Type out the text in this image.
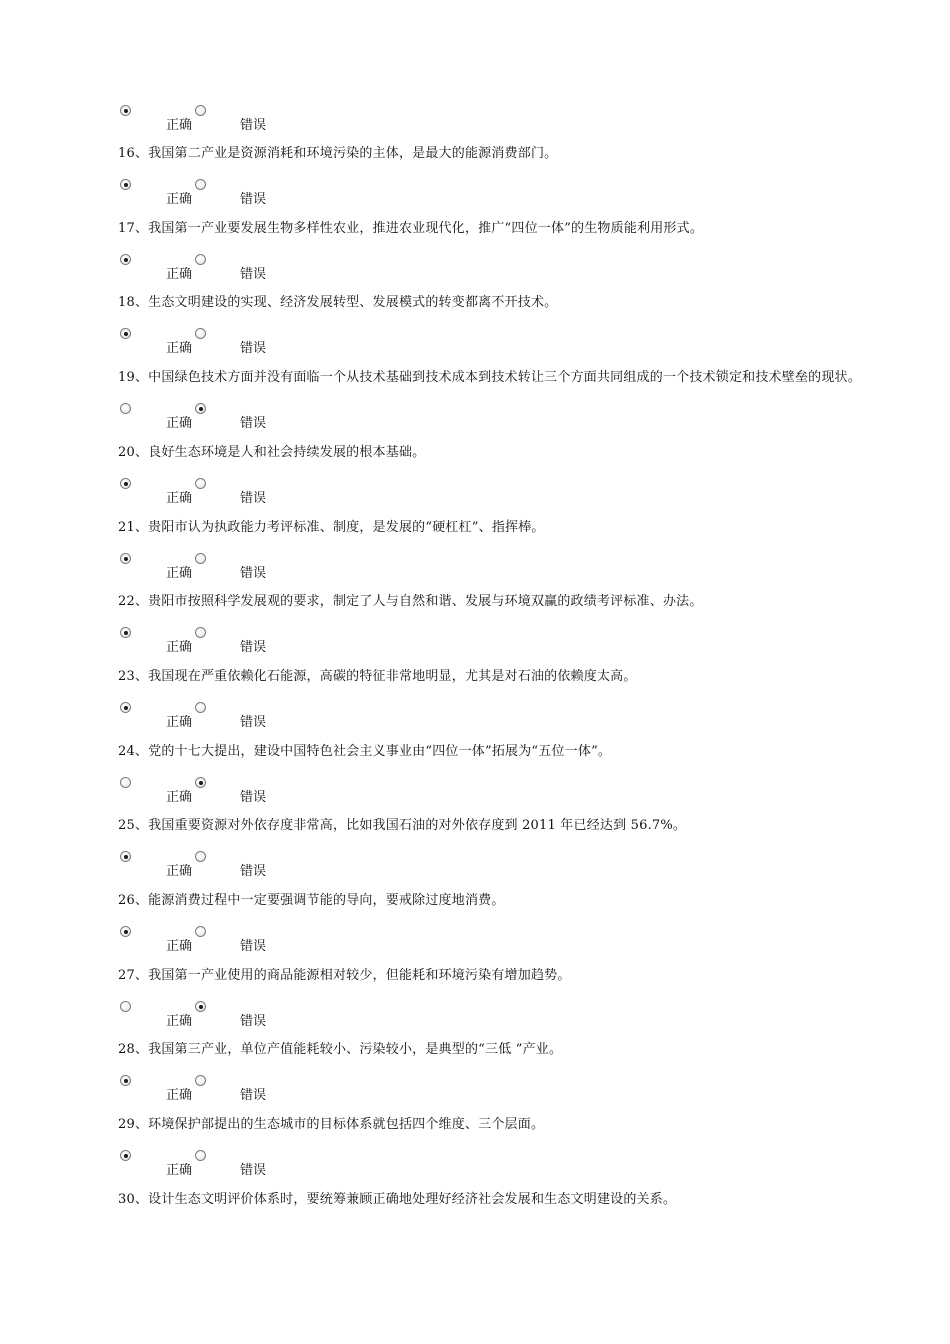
正确	错误
16、我国第二产业是资源消耗和环境污染的主体，是最大的能源消费部门。
正确	错误
17、我国第一产业要发展生物多样性农业，推进农业现代化，推广“四位一体”的生物质能利用形式。
正确	错误
18、生态文明建设的实现、经济发展转型、发展模式的转变都离不开技术。
正确	错误
19、中国绿色技术方面并没有面临一个从技术基础到技术成本到技术转让三个方面共同组成的一个技术锁定和技术壁垒的现状。
正确	错误
20、良好生态环境是人和社会持续发展的根本基础。
正确	错误
21、贵阳市认为执政能力考评标准、制度，是发展的“硬杠杠”、指挥棒。
正确	错误
22、贵阳市按照科学发展观的要求，制定了人与自然和谐、发展与环境双赢的政绩考评标准、办法。
正确	错误
23、我国现在严重依赖化石能源，高碳的特征非常地明显，尤其是对石油的依赖度太高。
正确	错误
24、党的十七大提出，建设中国特色社会主义事业由“四位一体”拓展为“五位一体”。
正确	错误
25、我国重要资源对外依存度非常高，比如我国石油的对外依存度到 2011 年已经达到 56.7%。
正确	错误
26、能源消费过程中一定要强调节能的导向，要戒除过度地消费。
正确	错误
27、我国第一产业使用的商品能源相对较少，但能耗和环境污染有增加趋势。
正确	错误
28、我国第三产业，单位产值能耗较小、污染较小，是典型的“三低 ”产业。
正确	错误
29、环境保护部提出的生态城市的目标体系就包括四个维度、三个层面。
正确	错误
30、设计生态文明评价体系时，要统筹兼顾正确地处理好经济社会发展和生态文明建设的关系。
